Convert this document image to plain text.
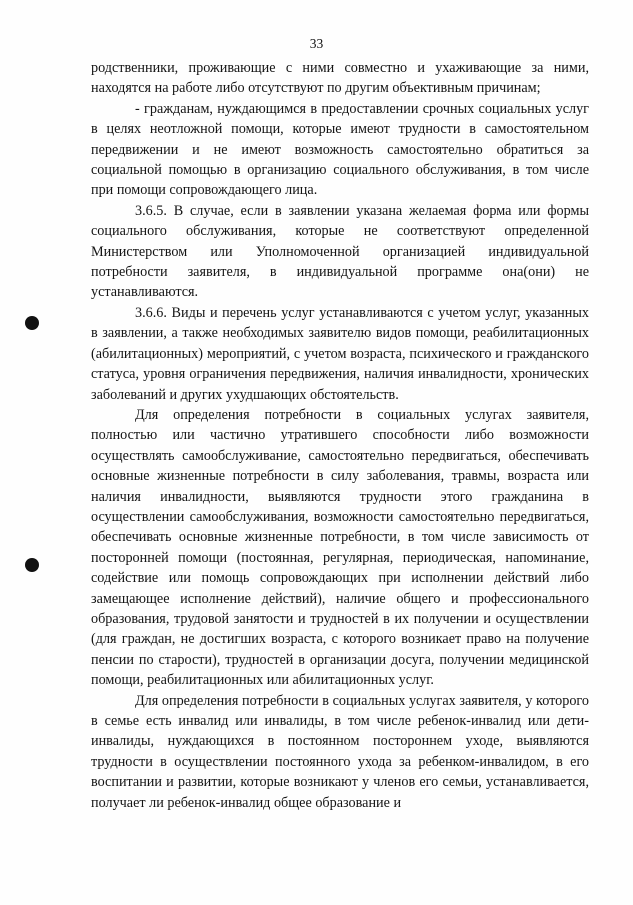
33

родственники, проживающие с ними совместно и ухаживающие за ними, находятся на работе либо отсутствуют по другим объективным причинам;

- гражданам, нуждающимся в предоставлении срочных социальных услуг в целях неотложной помощи, которые имеют трудности в самостоятельном передвижении и не имеют возможность самостоятельно обратиться за социальной помощью в организацию социального обслуживания, в том числе при помощи сопровождающего лица.

3.6.5. В случае, если в заявлении указана желаемая форма или формы социального обслуживания, которые не соответствуют определенной Министерством или Уполномоченной организацией индивидуальной потребности заявителя, в индивидуальной программе она(они) не устанавливаются.

3.6.6. Виды и перечень услуг устанавливаются с учетом услуг, указанных в заявлении, а также необходимых заявителю видов помощи, реабилитационных (абилитационных) мероприятий, с учетом возраста, психического и гражданского статуса, уровня ограничения передвижения, наличия инвалидности, хронических заболеваний и других ухудшающих обстоятельств.

Для определения потребности в социальных услугах заявителя, полностью или частично утратившего способности либо возможности осуществлять самообслуживание, самостоятельно передвигаться, обеспечивать основные жизненные потребности в силу заболевания, травмы, возраста или наличия инвалидности, выявляются трудности этого гражданина в осуществлении самообслуживания, возможности самостоятельно передвигаться, обеспечивать основные жизненные потребности, в том числе зависимость от посторонней помощи (постоянная, регулярная, периодическая, напоминание, содействие или помощь сопровождающих при исполнении действий либо замещающее исполнение действий), наличие общего и профессионального образования, трудовой занятости и трудностей в их получении и осуществлении (для граждан, не достигших возраста, с которого возникает право на получение пенсии по старости), трудностей в организации досуга, получении медицинской помощи, реабилитационных или абилитационных услуг.

Для определения потребности в социальных услугах заявителя, у которого в семье есть инвалид или инвалиды, в том числе ребенок-инвалид или дети-инвалиды, нуждающихся в постоянном постороннем уходе, выявляются трудности в осуществлении постоянного ухода за ребенком-инвалидом, в его воспитании и развитии, которые возникают у членов его семьи, устанавливается, получает ли ребенок-инвалид общее образование и
